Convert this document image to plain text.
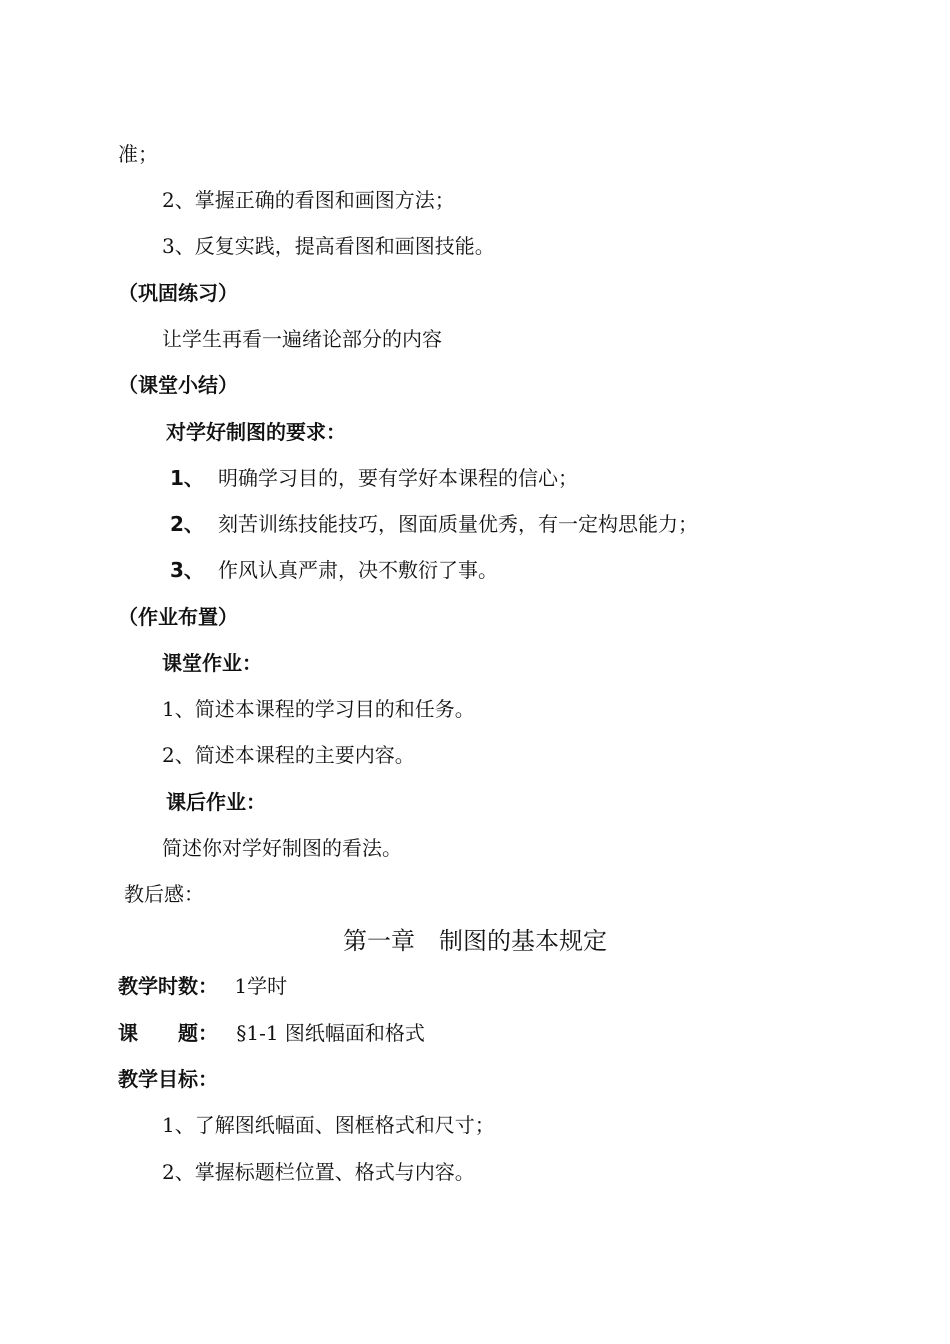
准；
2、掌握正确的看图和画图方法；
3、反复实践，提高看图和画图技能。
（巩固练习）
让学生再看一遍绪论部分的内容
（课堂小结）
对学好制图的要求：
1、 明确学习目的，要有学好本课程的信心；
2、 刻苦训练技能技巧，图面质量优秀，有一定构思能力；
3、 作风认真严肃，决不敷衍了事。
（作业布置）
课堂作业：
1、简述本课程的学习目的和任务。
2、简述本课程的主要内容。
课后作业：
简述你对学好制图的看法。
教后感：
第一章　制图的基本规定
教学时数： 1学时
课　　题： §1-1 图纸幅面和格式
教学目标：
1、了解图纸幅面、图框格式和尺寸；
2、掌握标题栏位置、格式与内容。
